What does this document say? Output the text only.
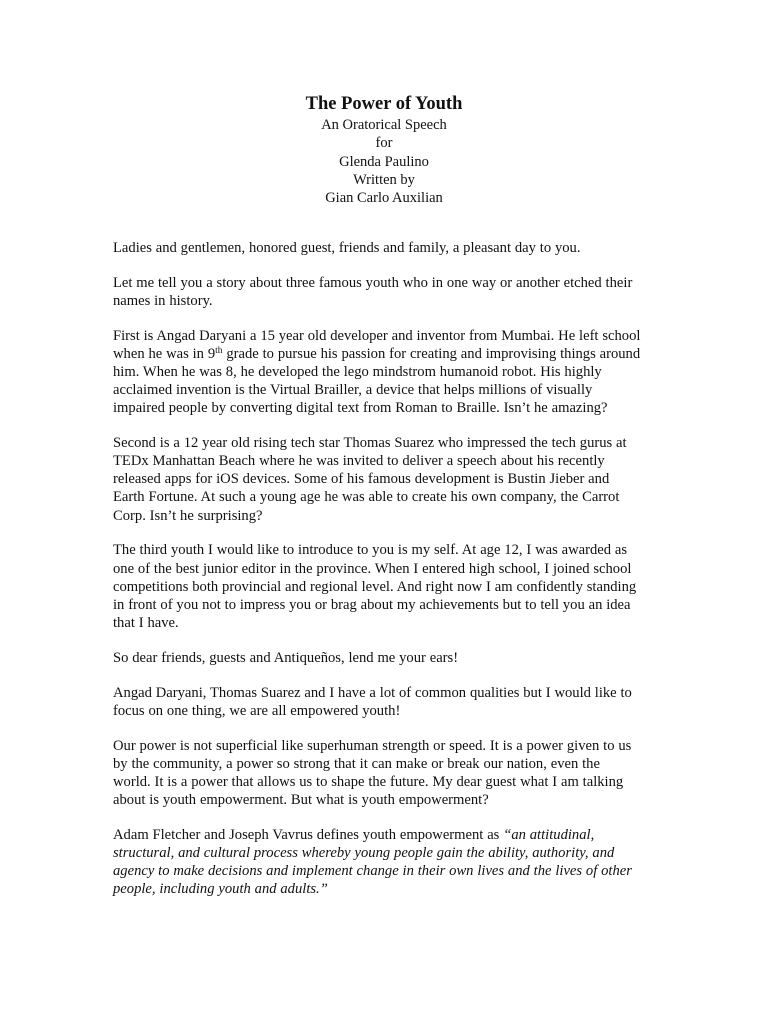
The Power of Youth
An Oratorical Speech
for
Glenda Paulino
Written by
Gian Carlo Auxilian

Ladies and gentlemen, honored guest, friends and family, a pleasant day to you.

Let me tell you a story about three famous youth who in one way or another etched their
names in history.

First is Angad Daryani a 15 year old developer and inventor from Mumbai. He left school
when he was in 9th grade to pursue his passion for creating and improvising things around
him. When he was 8, he developed the lego mindstrom humanoid robot. His highly
acclaimed invention is the Virtual Brailler, a device that helps millions of visually
impaired people by converting digital text from Roman to Braille. Isn’t he amazing?

Second is a 12 year old rising tech star Thomas Suarez who impressed the tech gurus at
TEDx Manhattan Beach where he was invited to deliver a speech about his recently
released apps for iOS devices. Some of his famous development is Bustin Jieber and
Earth Fortune. At such a young age he was able to create his own company, the Carrot
Corp. Isn’t he surprising?

The third youth I would like to introduce to you is my self. At age 12, I was awarded as
one of the best junior editor in the province. When I entered high school, I joined school
competitions both provincial and regional level. And right now I am confidently standing
in front of you not to impress you or brag about my achievements but to tell you an idea
that I have.

So dear friends, guests and Antiqueños, lend me your ears!

Angad Daryani, Thomas Suarez and I have a lot of common qualities but I would like to
focus on one thing, we are all empowered youth!

Our power is not superficial like superhuman strength or speed. It is a power given to us
by the community, a power so strong that it can make or break our nation, even the
world. It is a power that allows us to shape the future. My dear guest what I am talking
about is youth empowerment. But what is youth empowerment?

Adam Fletcher and Joseph Vavrus defines youth empowerment as “an attitudinal,
structural, and cultural process whereby young people gain the ability, authority, and
agency to make decisions and implement change in their own lives and the lives of other
people, including youth and adults.”
